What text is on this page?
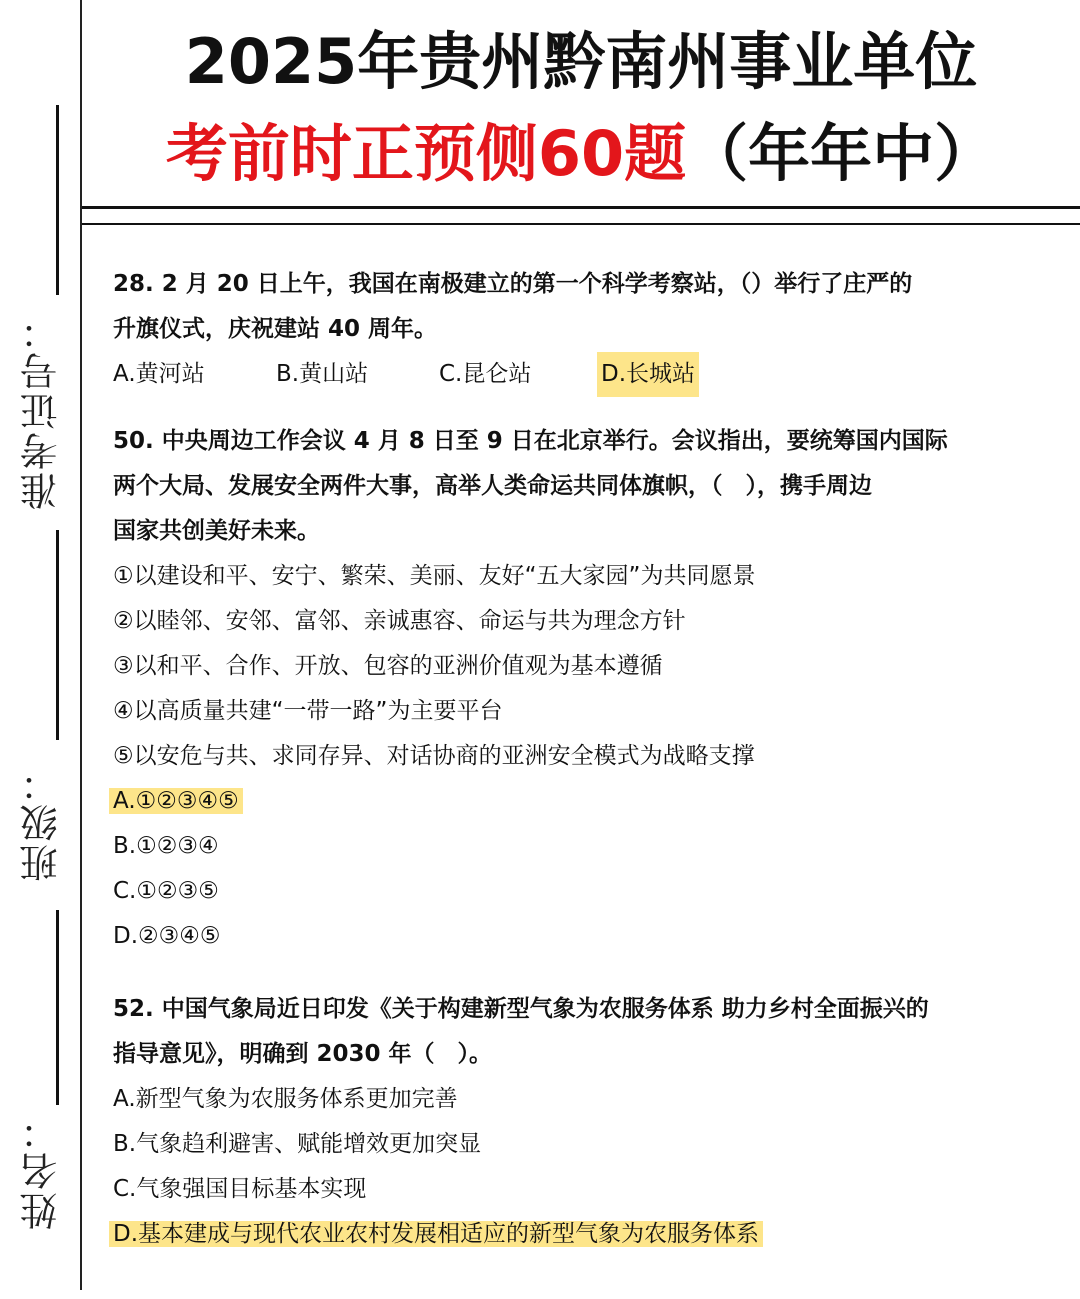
准考证号：
班级：
姓名：
2025年贵州黔南州事业单位
考前时正预侧60题（年年中）

28. 2 月 20 日上午，我国在南极建立的第一个科学考察站，（）举行了庄严的

升旗仪式，庆祝建站 40 周年。

A.黄河站	B.黄山站	C.昆仑站	D.长城站

50. 中央周边工作会议 4 月 8 日至 9 日在北京举行。会议指出，要统筹国内国际

两个大局、发展安全两件大事，高举人类命运共同体旗帜，（　），携手周边

国家共创美好未来。

①以建设和平、安宁、繁荣、美丽、友好“五大家园”为共同愿景

②以睦邻、安邻、富邻、亲诚惠容、命运与共为理念方针

③以和平、合作、开放、包容的亚洲价值观为基本遵循

④以高质量共建“一带一路”为主要平台

⑤以安危与共、求同存异、对话协商的亚洲安全模式为战略支撑

A.①②③④⑤

B.①②③④

C.①②③⑤

D.②③④⑤

52. 中国气象局近日印发《关于构建新型气象为农服务体系 助力乡村全面振兴的

指导意见》，明确到 2030 年（　）。

A.新型气象为农服务体系更加完善

B.气象趋利避害、赋能增效更加突显

C.气象强国目标基本实现

D.基本建成与现代农业农村发展相适应的新型气象为农服务体系
